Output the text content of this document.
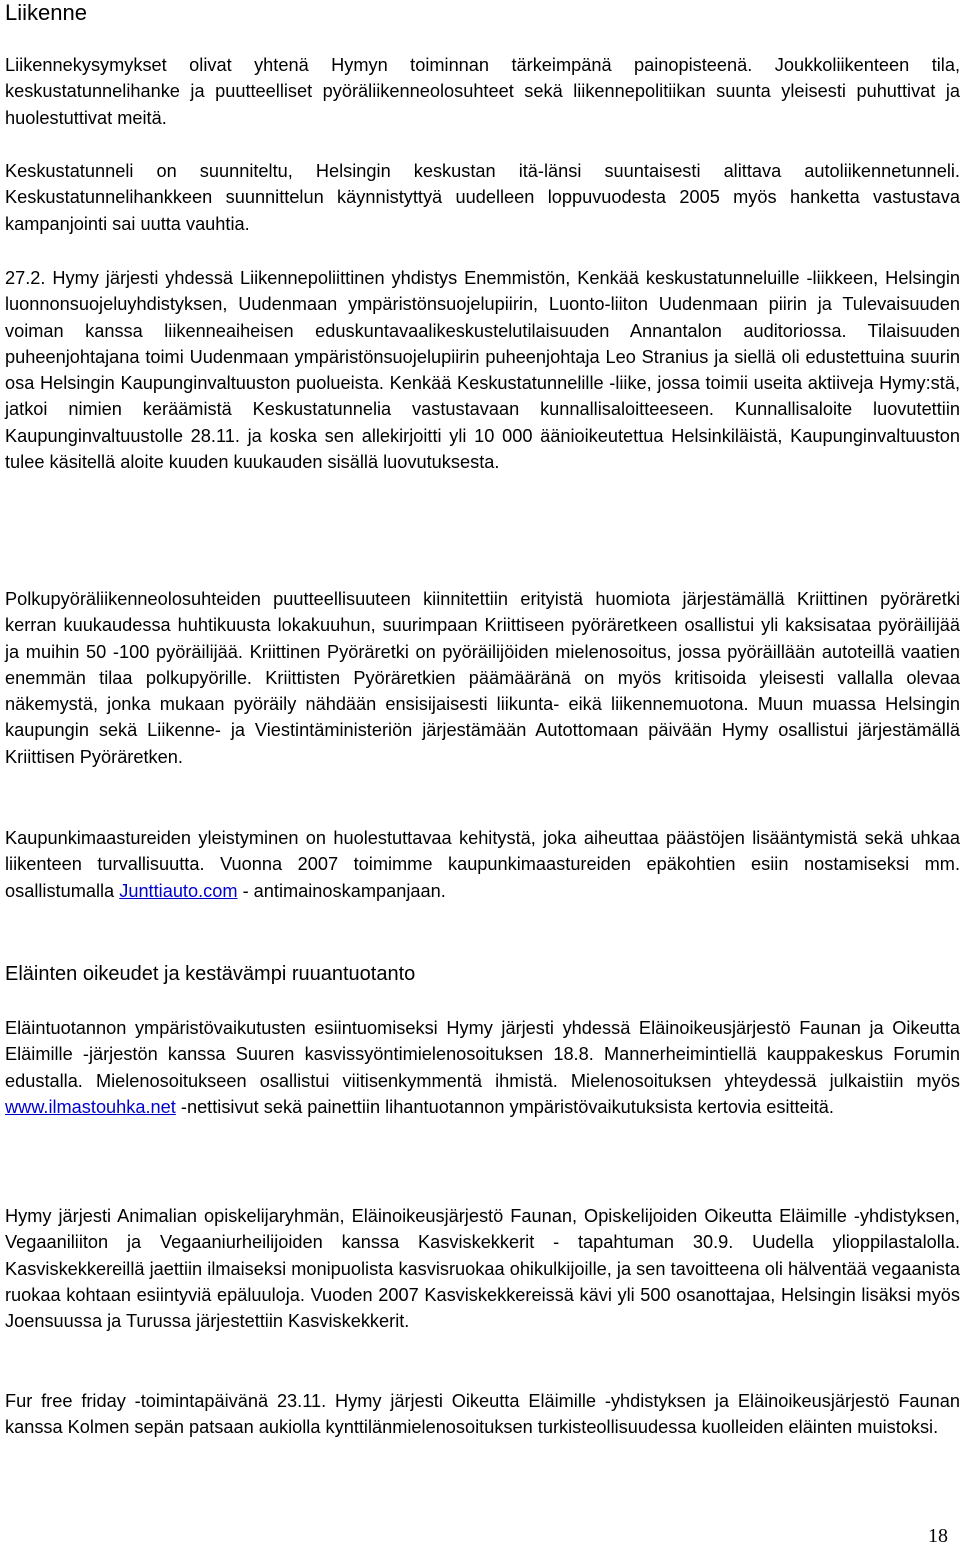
Liikenne

Liikennekysymykset olivat yhtenä Hymyn toiminnan tärkeimpänä painopisteenä. Joukkoliikenteen tila, keskustatunnelihanke ja puutteelliset pyöräliikenneolosuhteet sekä liikennepolitiikan suunta yleisesti puhuttivat ja huolestuttivat meitä.

Keskustatunneli on suunniteltu, Helsingin keskustan itä-länsi suuntaisesti alittava autoliikennetunneli. Keskustatunnelihankkeen suunnittelun käynnistyttyä uudelleen loppuvuodesta 2005 myös hanketta vastustava kampanjointi sai uutta vauhtia.

27.2. Hymy järjesti yhdessä Liikennepoliittinen yhdistys Enemmistön, Kenkää keskustatunneluille -liikkeen, Helsingin luonnonsuojeluyhdistyksen, Uudenmaan ympäristönsuojelupiirin, Luonto-liiton Uudenmaan piirin ja Tulevaisuuden voiman kanssa liikenneaiheisen eduskuntavaalikeskustelutilaisuuden Annantalon auditoriossa. Tilaisuuden puheenjohtajana toimi Uudenmaan ympäristönsuojelupiirin puheenjohtaja Leo Stranius ja siellä oli edustettuina suurin osa Helsingin Kaupunginvaltuuston puolueista. Kenkää Keskustatunnelille -liike, jossa toimii useita aktiiveja Hymy:stä, jatkoi nimien keräämistä Keskustatunnelia vastustavaan kunnallisaloitteeseen. Kunnallisaloite luovutettiin Kaupunginvaltuustolle 28.11. ja koska sen allekirjoitti yli 10 000 äänioikeutettua Helsinkiläistä, Kaupunginvaltuuston tulee käsitellä aloite kuuden kuukauden sisällä luovutuksesta.

Polkupyöräliikenneolosuhteiden puutteellisuuteen kiinnitettiin erityistä huomiota järjestämällä Kriittinen pyöräretki kerran kuukaudessa huhtikuusta lokakuuhun, suurimpaan Kriittiseen pyöräretkeen osallistui yli kaksisataa pyöräilijää ja muihin 50 -100 pyöräilijää. Kriittinen Pyöräretki on pyöräilijöiden mielenosoitus, jossa pyöräillään autoteillä vaatien enemmän tilaa polkupyörille. Kriittisten Pyöräretkien päämääränä on myös kritisoida yleisesti vallalla olevaa näkemystä, jonka mukaan pyöräily nähdään ensisijaisesti liikunta- eikä liikennemuotona. Muun muassa Helsingin kaupungin sekä Liikenne- ja Viestintäministeriön järjestämään Autottomaan päivään Hymy osallistui järjestämällä Kriittisen Pyöräretken.

Kaupunkimaastureiden yleistyminen on huolestuttavaa kehitystä, joka aiheuttaa päästöjen lisääntymistä sekä uhkaa liikenteen turvallisuutta. Vuonna 2007 toimimme kaupunkimaastureiden epäkohtien esiin nostamiseksi mm. osallistumalla Junttiauto.com - antimainoskampanjaan.

Eläinten oikeudet ja kestävämpi ruuantuotanto

Eläintuotannon ympäristövaikutusten esiintuomiseksi Hymy järjesti yhdessä Eläinoikeusjärjestö Faunan ja Oikeutta Eläimille -järjestön kanssa Suuren kasvissyöntimielenosoituksen 18.8. Mannerheimintiellä kauppakeskus Forumin edustalla. Mielenosoitukseen osallistui viitisenkymmentä ihmistä. Mielenosoituksen yhteydessä julkaistiin myös www.ilmastouhka.net -nettisivut sekä painettiin lihantuotannon ympäristövaikutuksista kertovia esitteitä.

Hymy järjesti Animalian opiskelijaryhmän, Eläinoikeusjärjestö Faunan, Opiskelijoiden Oikeutta Eläimille -yhdistyksen, Vegaaniliiton ja Vegaaniurheilijoiden kanssa Kasviskekkerit - tapahtuman 30.9. Uudella ylioppilastalolla. Kasviskekkereillä jaettiin ilmaiseksi monipuolista kasvisruokaa ohikulkijoille, ja sen tavoitteena oli hälventää vegaanista ruokaa kohtaan esiintyviä epäluuloja. Vuoden 2007 Kasviskekkereissä kävi yli 500 osanottajaa, Helsingin lisäksi myös Joensuussa ja Turussa järjestettiin Kasviskekkerit.

Fur free friday -toimintapäivänä 23.11. Hymy järjesti Oikeutta Eläimille -yhdistyksen ja Eläinoikeusjärjestö Faunan kanssa Kolmen sepän patsaan aukiolla kynttilänmielenosoituksen turkisteollisuudessa kuolleiden eläinten muistoksi.

18
